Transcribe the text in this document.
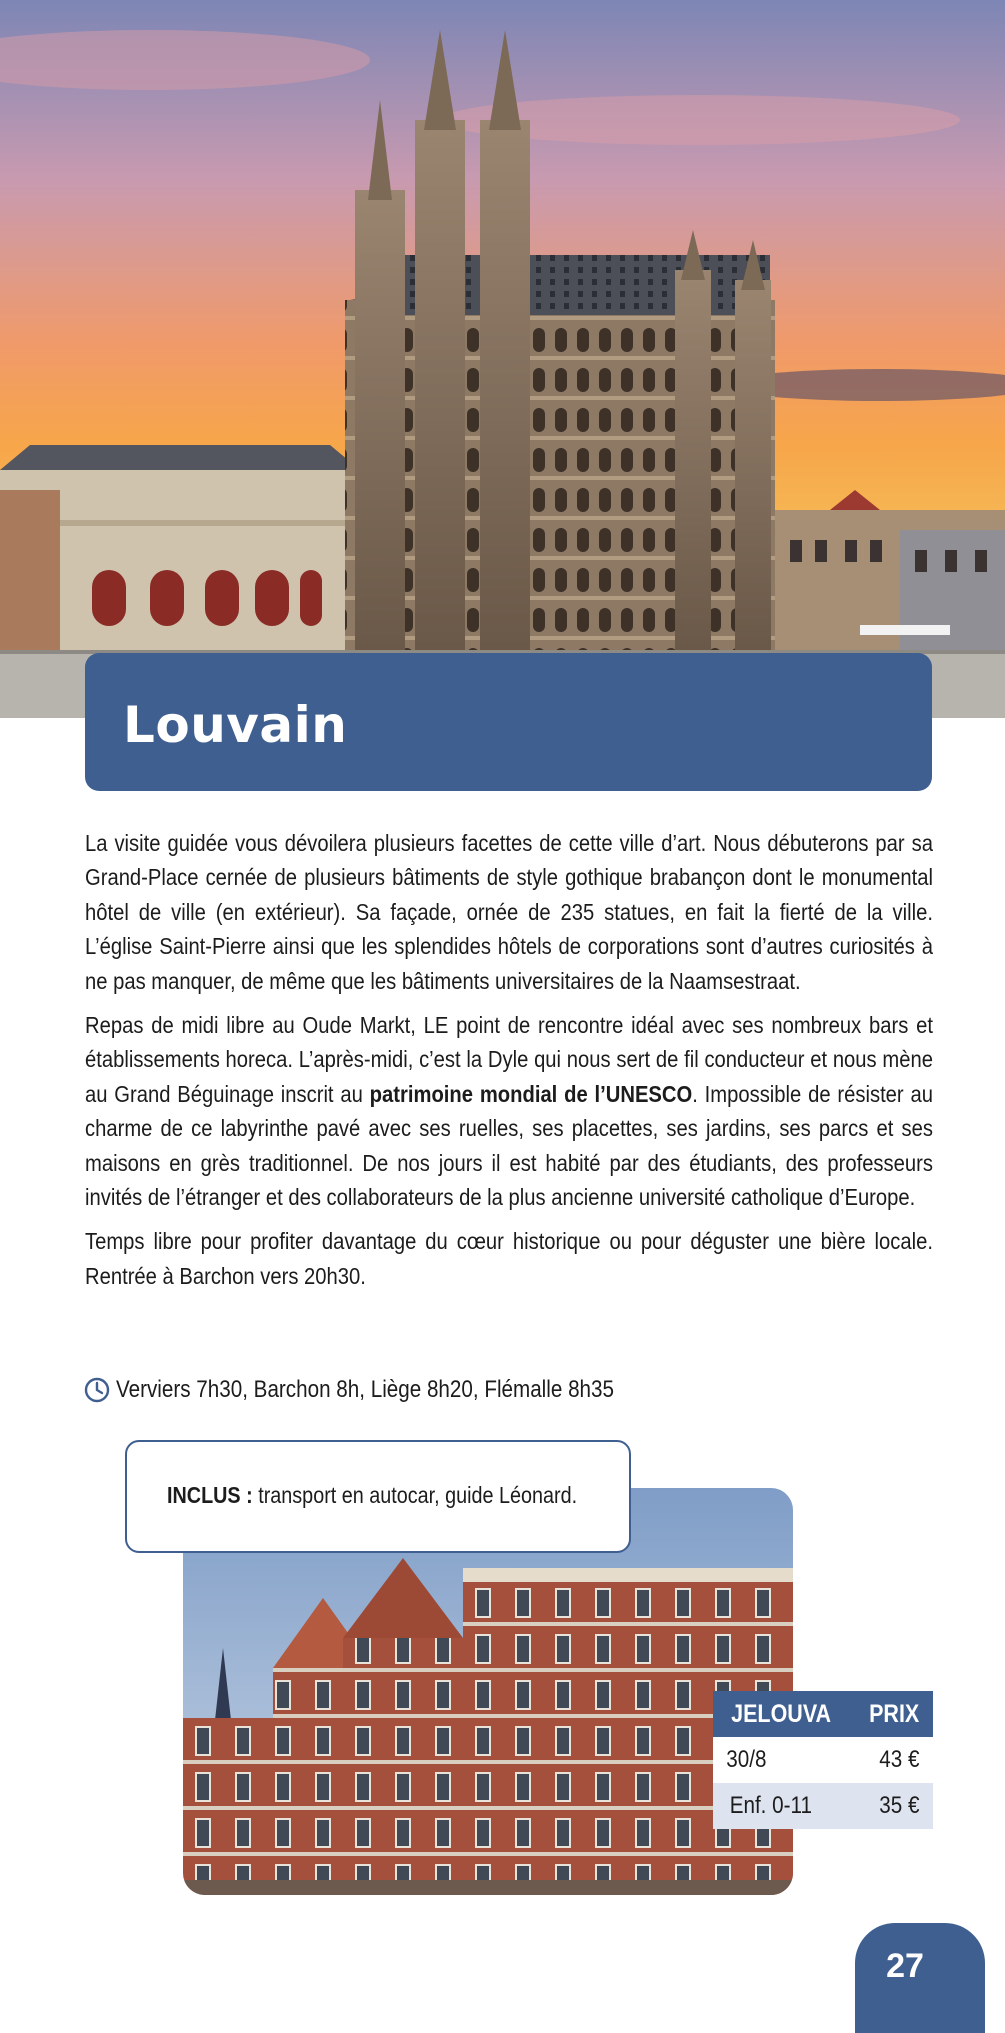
Louvain

La visite guidée vous dévoilera plusieurs facettes de cette ville d’art. Nous débuterons par sa Grand-Place cernée de plusieurs bâtiments de style gothique brabançon dont le monumental hôtel de ville (en extérieur). Sa façade, ornée de 235 statues, en fait la fierté de la ville. L’église Saint-Pierre ainsi que les splendides hôtels de corporations sont d’autres curiosités à ne pas manquer, de même que les bâtiments universitaires de la Naamsestraat.

Repas de midi libre au Oude Markt, LE point de rencontre idéal avec ses nombreux bars et établissements horeca. L’après-midi, c’est la Dyle qui nous sert de fil conducteur et nous mène au Grand Béguinage inscrit au patrimoine mondial de l’UNESCO. Impossible de résister au charme de ce labyrinthe pavé avec ses ruelles, ses placettes, ses jardins, ses parcs et ses maisons en grès traditionnel. De nos jours il est habité par des étudiants, des professeurs invités de l’étranger et des collaborateurs de la plus ancienne université catholique d’Europe.

Temps libre pour profiter davantage du cœur historique ou pour déguster une bière locale. Rentrée à Barchon vers 20h30.

Verviers 7h30, Barchon 8h, Liège 8h20, Flémalle 8h35
INCLUS : transport en autocar, guide Léonard.
JELOUVA	PRIX
30/8	43 €
Enf. 0-11	35 €
27
